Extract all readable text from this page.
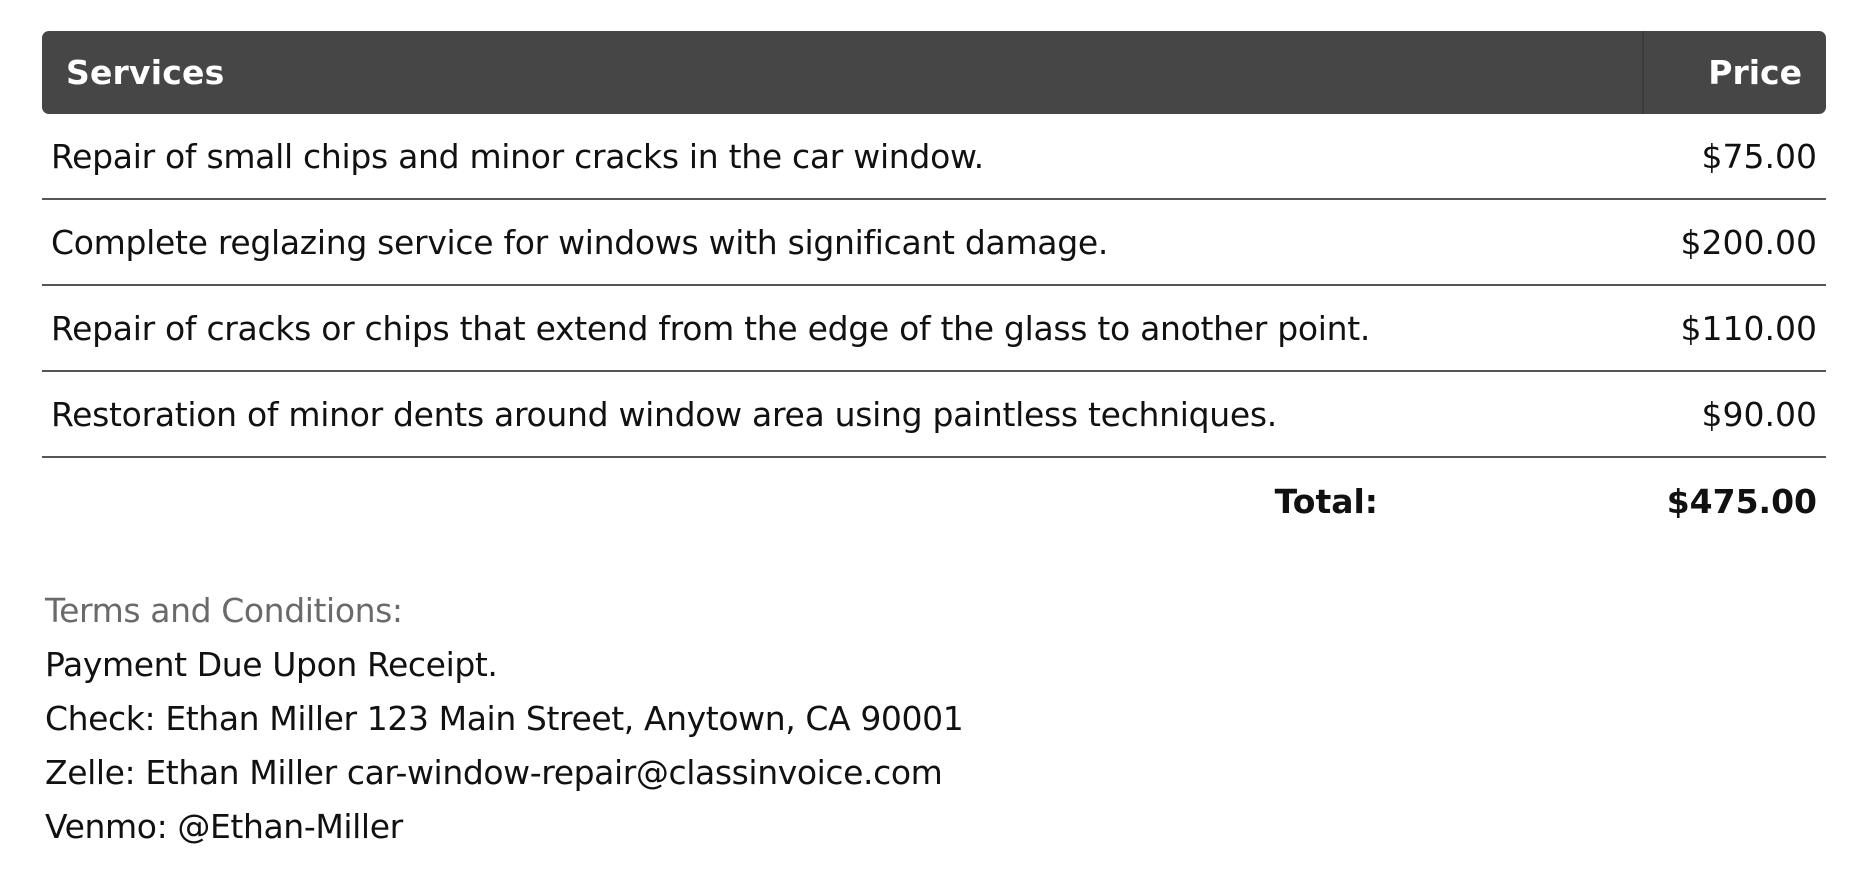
Services	Price
Repair of small chips and minor cracks in the car window.	$75.00
Complete reglazing service for windows with significant damage.	$200.00
Repair of cracks or chips that extend from the edge of the glass to another point.	$110.00
Restoration of minor dents around window area using paintless techniques.	$90.00
Total:	$475.00
Terms and Conditions:
Payment Due Upon Receipt.
Check: Ethan Miller 123 Main Street, Anytown, CA 90001
Zelle: Ethan Miller car-window-repair@classinvoice.com
Venmo: @Ethan-Miller
